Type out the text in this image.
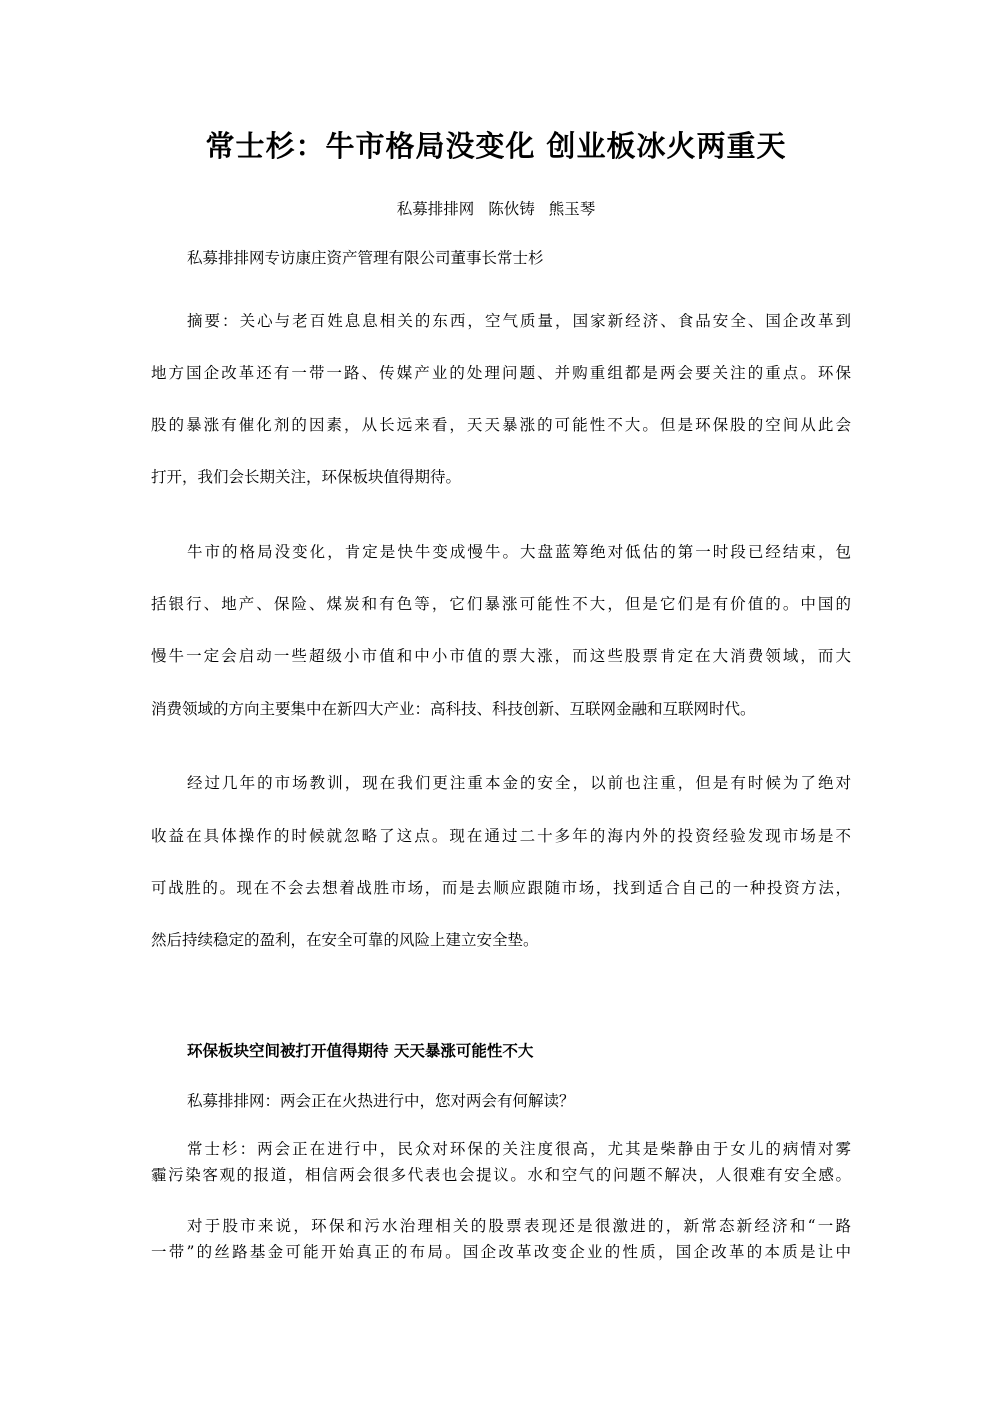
常士杉：牛市格局没变化 创业板冰火两重天
私募排排网 陈伙铸 熊玉琴
私募排排网专访康庄资产管理有限公司董事长常士杉
摘要：关心与老百姓息息相关的东西，空气质量，国家新经济、食品安全、国企改革到
地方国企改革还有一带一路、传媒产业的处理问题、并购重组都是两会要关注的重点。环保
股的暴涨有催化剂的因素，从长远来看，天天暴涨的可能性不大。但是环保股的空间从此会
打开，我们会长期关注，环保板块值得期待。
牛市的格局没变化，肯定是快牛变成慢牛。大盘蓝筹绝对低估的第一时段已经结束，包
括银行、地产、保险、煤炭和有色等，它们暴涨可能性不大，但是它们是有价值的。中国的
慢牛一定会启动一些超级小市值和中小市值的票大涨，而这些股票肯定在大消费领域，而大
消费领域的方向主要集中在新四大产业：高科技、科技创新、互联网金融和互联网时代。
经过几年的市场教训，现在我们更注重本金的安全，以前也注重，但是有时候为了绝对
收益在具体操作的时候就忽略了这点。现在通过二十多年的海内外的投资经验发现市场是不
可战胜的。现在不会去想着战胜市场，而是去顺应跟随市场，找到适合自己的一种投资方法，
然后持续稳定的盈利，在安全可靠的风险上建立安全垫。
环保板块空间被打开值得期待 天天暴涨可能性不大
私募排排网：两会正在火热进行中，您对两会有何解读？
常士杉：两会正在进行中，民众对环保的关注度很高，尤其是柴静由于女儿的病情对雾
霾污染客观的报道，相信两会很多代表也会提议。水和空气的问题不解决，人很难有安全感。
对于股市来说，环保和污水治理相关的股票表现还是很激进的，新常态新经济和“一路
一带”的丝路基金可能开始真正的布局。国企改革改变企业的性质，国企改革的本质是让中
